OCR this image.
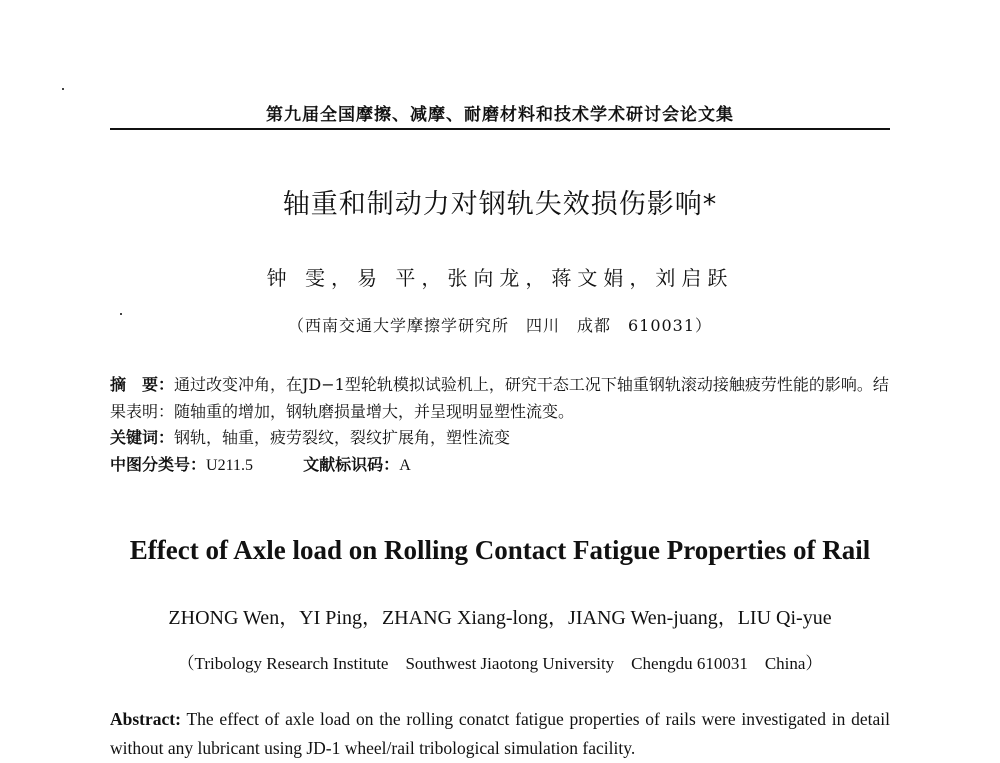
第九届全国摩擦、减摩、耐磨材料和技术学术研讨会论文集
轴重和制动力对钢轨失效损伤影响*
钟 雯，易 平，张向龙，蒋文娟，刘启跃
（西南交通大学摩擦学研究所　四川　成都　610031）
摘　要：通过改变冲角，在JD−1型轮轨模拟试验机上，研究干态工况下轴重钢轨滚动接触疲劳性能的影响。结果表明：随轴重的增加，钢轨磨损量增大，并呈现明显塑性流变。
关键词：钢轨，轴重，疲劳裂纹，裂纹扩展角，塑性流变
中图分类号：U211.5	文献标识码：A
Effect of Axle load on Rolling Contact Fatigue Properties of Rail
ZHONG Wen，YI Ping，ZHANG Xiang-long，JIANG Wen-juang，LIU Qi-yue
（Tribology Research Institute　Southwest Jiaotong University　Chengdu 610031　China）
Abstract: The effect of axle load on the rolling conatct fatigue properties of rails were investigated in detail without any lubricant using JD-1 wheel/rail tribological simulation facility.
